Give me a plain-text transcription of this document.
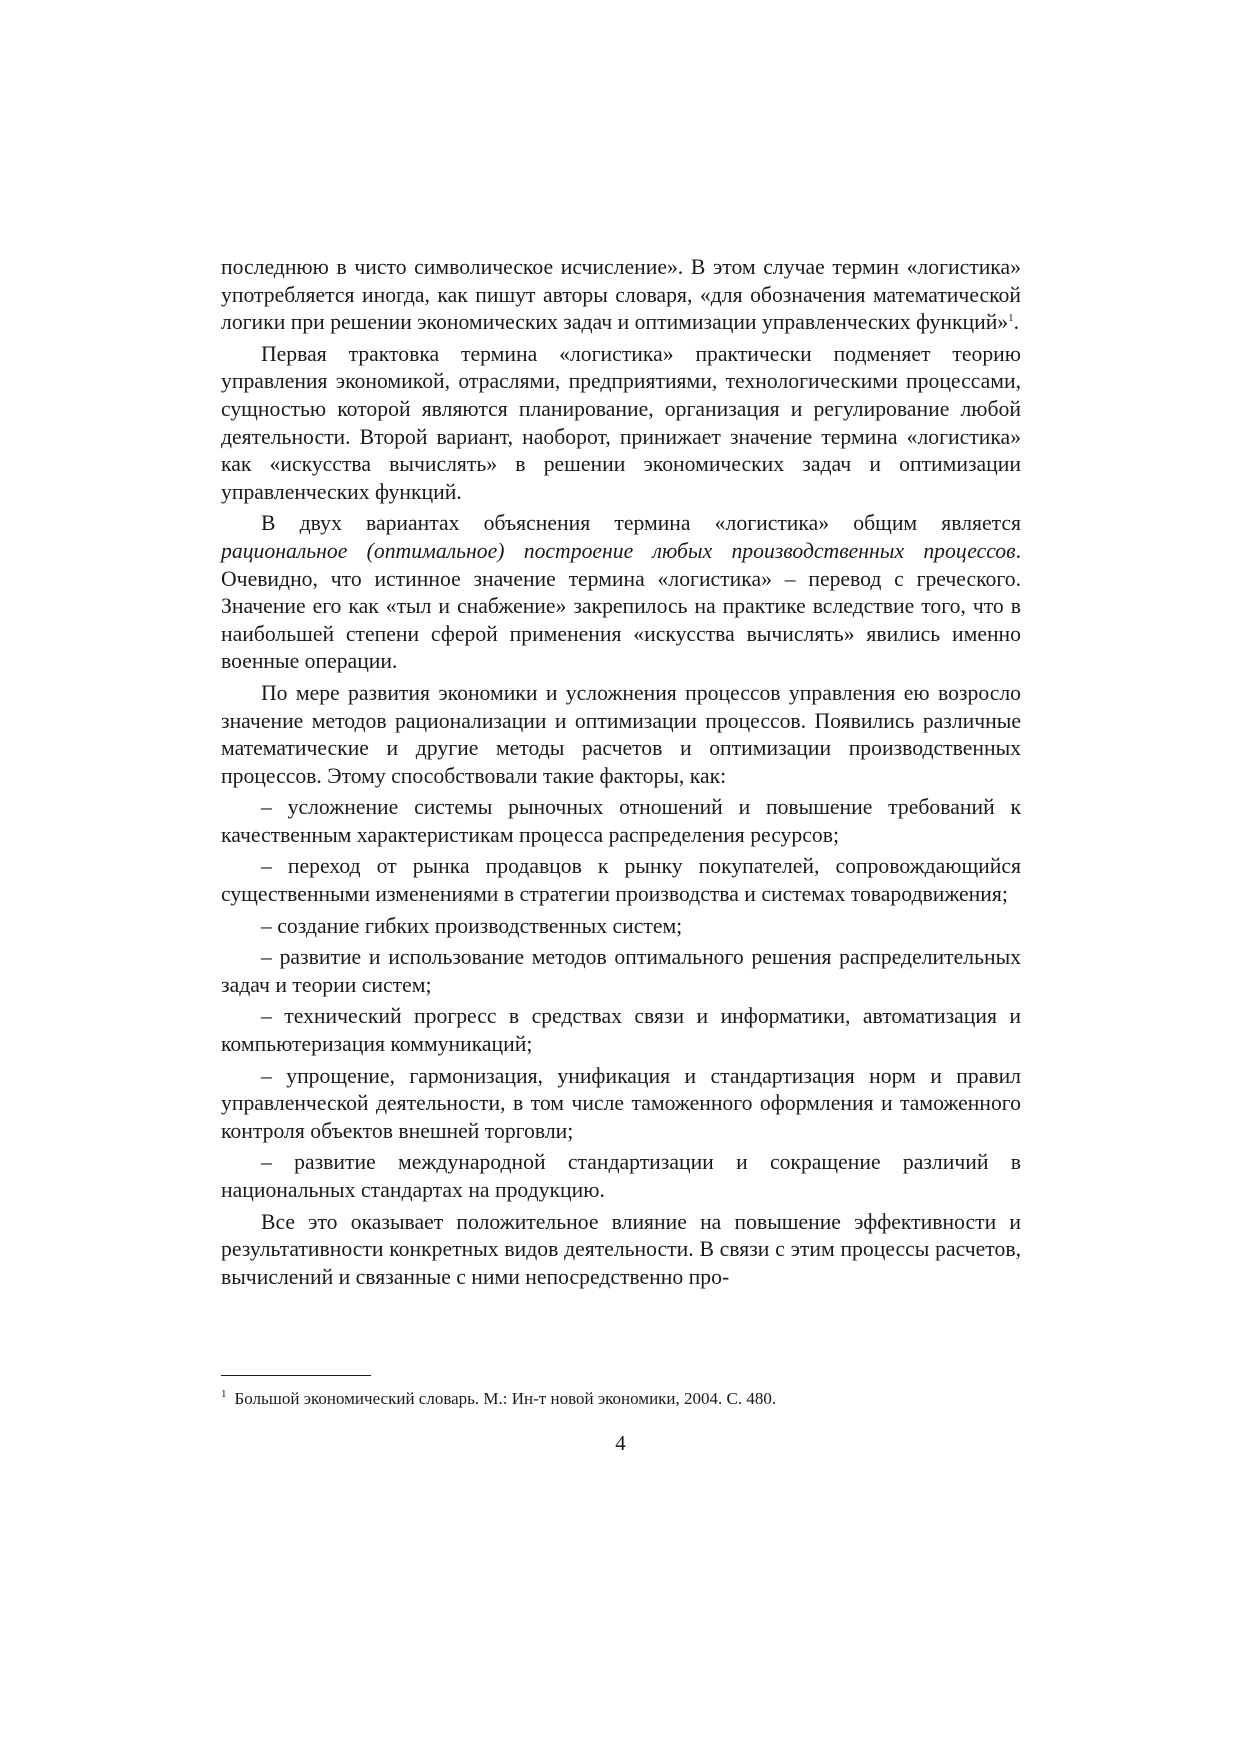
последнюю в чисто символическое исчисление». В этом случае термин «логистика» употребляется иногда, как пишут авторы словаря, «для обозначения математической логики при решении экономических задач и оптимизации управленческих функций»$^1$.

Первая трактовка термина «логистика» практически подменяет теорию управления экономикой, отраслями, предприятиями, технологическими процессами, сущностью которой являются планирование, организация и регулирование любой деятельности. Второй вариант, наоборот, принижает значение термина «логистика» как «искусства вычислять» в решении экономических задач и оптимизации управленческих функций.

В двух вариантах объяснения термина «логистика» общим является рациональное (оптимальное) построение любых производственных процессов. Очевидно, что истинное значение термина «логистика» – перевод с греческого. Значение его как «тыл и снабжение» закрепилось на практике вследствие того, что в наибольшей степени сферой применения «искусства вычислять» явились именно военные операции.

По мере развития экономики и усложнения процессов управления ею возросло значение методов рационализации и оптимизации процессов. Появились различные математические и другие методы расчетов и оптимизации производственных процессов. Этому способствовали такие факторы, как:

– усложнение системы рыночных отношений и повышение требований к качественным характеристикам процесса распределения ресурсов;

– переход от рынка продавцов к рынку покупателей, сопровождающийся существенными изменениями в стратегии производства и системах товародвижения;

– создание гибких производственных систем;

– развитие и использование методов оптимального решения распределительных задач и теории систем;

– технический прогресс в средствах связи и информатики, автоматизация и компьютеризация коммуникаций;

– упрощение, гармонизация, унификация и стандартизация норм и правил управленческой деятельности, в том числе таможенного оформления и таможенного контроля объектов внешней торговли;

– развитие международной стандартизации и сокращение различий в национальных стандартах на продукцию.

Все это оказывает положительное влияние на повышение эффективности и результативности конкретных видов деятельности. В связи с этим процессы расчетов, вычислений и связанные с ними непосредственно про-

$^1$ Большой экономический словарь. М.: Ин-т новой экономики, 2004. С. 480.
4
